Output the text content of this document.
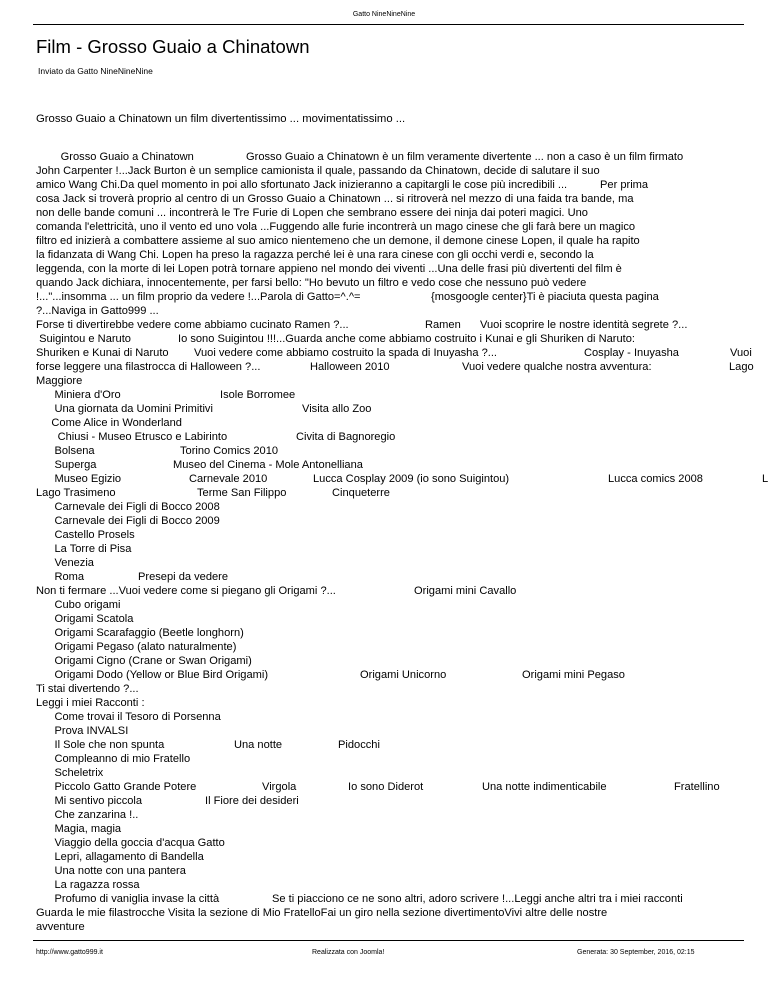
Gatto NineNineNine
Film - Grosso Guaio a Chinatown
Inviato da Gatto NineNineNine
Grosso Guaio a Chinatown un film divertentissimo ... movimentatissimo ...
Grosso Guaio a Chinatown	Grosso Guaio a Chinatown è un film veramente divertente ... non a caso è un film firmato
John Carpenter !...Jack Burton è un semplice camionista il quale, passando da Chinatown, decide di salutare il suo
amico Wang Chi.Da quel momento in poi allo sfortunato Jack inizieranno a capitargli le cose più incredibili ...	Per prima
cosa Jack si troverà proprio al centro di un Grosso Guaio a Chinatown ... si ritroverà nel mezzo di una faida tra bande, ma
non delle bande comuni ... incontrerà le Tre Furie di Lopen che sembrano essere dei ninja dai poteri magici. Uno
comanda l'elettricità, uno il vento ed uno vola ...Fuggendo alle furie incontrerà un mago cinese che gli farà bere un magico
filtro ed inizierà a combattere assieme al suo amico nientemeno che un demone, il demone cinese Lopen, il quale ha rapito
la fidanzata di Wang Chi. Lopen ha preso la ragazza perché lei è una rara cinese con gli occhi verdi e, secondo la
leggenda, con la morte di lei Lopen potrà tornare appieno nel mondo dei viventi ...Una delle frasi più divertenti del film è
quando Jack dichiara, innocentemente, per farsi bello: "Ho bevuto un filtro e vedo cose che nessuno può vedere
!..."...insomma ... un film proprio da vedere !...Parola di Gatto=^.^=	{mosgoogle center}Ti è piaciuta questa pagina
?...Naviga in Gatto999 ...
Forse ti divertirebbe vedere come abbiamo cucinato Ramen ?...	Ramen Vuoi scoprire le nostre identità segrete ?...
Suigintou e Naruto	Io sono Suigintou !!!...Guarda anche come abbiamo costruito i Kunai e gli Shuriken di Naruto:
Shuriken e Kunai di Naruto Vuoi vedere come abbiamo costruito la spada di Inuyasha ?...	Cosplay - Inuyasha	Vuoi
forse leggere una filastrocca di Halloween ?...	Halloween 2010	Vuoi vedere qualche nostra avventura:	Lago
Maggiore
Miniera d'Oro	Isole Borromee
Una giornata da Uomini Primitivi	Visita allo Zoo
Come Alice in Wonderland
Chiusi - Museo Etrusco e Labirinto	Civita di Bagnoregio
Bolsena	Torino Comics 2010
Superga	Museo del Cinema - Mole Antonelliana
Museo Egizio	Carnevale 2010	Lucca Cosplay 2009 (io sono Suigintou)	Lucca comics 2008	L
Lago Trasimeno	Terme San Filippo	Cinqueterre
Carnevale dei Figli di Bocco 2008
Carnevale dei Figli di Bocco 2009
Castello Prosels
La Torre di Pisa
Venezia
Roma	Presepi da vedere
Non ti fermare ...Vuoi vedere come si piegano gli Origami ?...	Origami mini Cavallo
Cubo origami
Origami Scatola
Origami Scarafaggio (Beetle longhorn)
Origami Pegaso (alato naturalmente)
Origami Cigno (Crane or Swan Origami)
Origami Dodo (Yellow or Blue Bird Origami)	Origami Unicorno	Origami mini Pegaso
Ti stai divertendo ?...
Leggi i miei Racconti :
Come trovai il Tesoro di Porsenna
Prova INVALSI
Il Sole che non spunta	Una notte	Pidocchi
Compleanno di mio Fratello
Scheletrix
Piccolo Gatto Grande Potere	Virgola	Io sono Diderot	Una notte indimenticabile	Fratellino
Mi sentivo piccola	Il Fiore dei desideri
Che zanzarina !..
Magia, magia
Viaggio della goccia d'acqua Gatto
Lepri, allagamento di Bandella
Una notte con una pantera
La ragazza rossa
Profumo di vaniglia invase la città	Se ti piacciono ce ne sono altri, adoro scrivere !...Leggi anche altri tra i miei racconti
Guarda le mie filastrocche Visita la sezione di Mio FratelloFai un giro nella sezione divertimentoVivi altre delle nostre
avventure
http://www.gatto999.it	Realizzata con Joomla!	Generata: 30 September, 2016, 02:15
